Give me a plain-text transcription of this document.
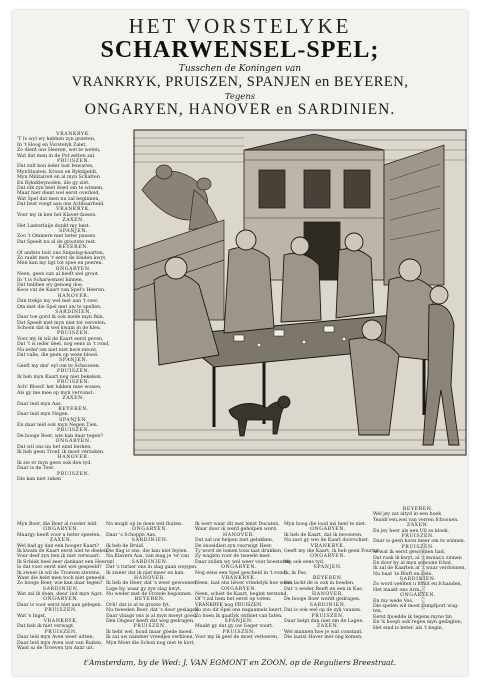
HET VORSTELYKE
SCHARWENSEL-SPEL;
Tusschen de Koningen van
VRANKRYK, PRUISZEN, SPANJEN en BEYEREN,
Tegens
ONGARYEN, HANOVER en SARDINIEN.
VRANKRYK.
'T Is wyl wy hebben zyn gezeten,
In 't Hoog en Vorstelyk Zalet,
Zo dient ons Heeren, wel te weten,
Wat dat men in de Pot zetten zal.
PRUISZEN.
Dat zult kon ieder lust bewaren,
MynStaaten, Kroon en Rykdgeldt,
Myn Militairen en al myn Schatten
En Rykskleynoden, die gy ziet.
Dat elk zyn best doed om te winnen,
Maar hier dient wel eerst overleid,
Wat Spel dat men nu zal beginnen,
Dat best voegt aan ons Achbaarheid.
VRANKRYK.
Voor my ik ken het Klaver-fassen.
ZAXEN.
Het Lanterluije dunkt my best.
SPANJEN.
Zoo 't Ommere niet beter passen
Dat Speelt nu al de grootste rest.
BEYEREN.
Of anders buit ons Snipslag-kaarten,
Zo raakt men 'r eerst de bladen kwyt,
Men kan my ligt tot spee en peeren.
ONGARYEN.
Neen, geen van al heeft wel groot.
In 't is Scharwenzel binnen,
Dat hebben wy genoeg doe,
Koos vat de Kaart van Spel's Heeren.
HANOVER.
Dan trekje my wel met aan 't roer,
Om met die Spel met aw te spellen.
SARDINIEN.
Daar toe gord ik ook mede myn fkin,
Dat Speelt met myn niet tot vervelen,
Schoon dat ik wel kwam in de kleu.
PRUISZEN.
Voor my ik wil de Kaart eerst geven,
Dat 't is ieder deel, nog eens in 't rond,
Nu ieder om niet niet here nieuw,
Dat valle, die geen op weze bloed.
SPANJEN.
Geeft my dez' eyl om te Scheuwen.
PRUISZEN.
Ik heb myn Kaart nog niet bekeken.
PRUISZEN.
Ach! Bloed! het lukken mee wonen,
Als gy me mee op myn vervonst.
ZAXEN.
Daar leid myn Aas.
BEYEREN.
Daar leid myn Negen.
SPANJEN.
En daar leid ook myn Negen Tien.
PRUISZEN.
De hooge Boer, wie kan daar tegen?
ONGARYEN.
Dat wil ons nu het eind berken,
Ik heb geen Troef, ik moet verzaken.
HANOVER.
Ik zie er myn geen ook den tyd.
Daar is de Toer.
PRUISZEN.
Die kan niet raken
Myn Boer, die Boer al roeder leid.
ONGARYEN.
Maargy heeft voor u beter speelen.
ZAXEN.
Wel had gy dan een hooger Kaart?
Ik kwam de Kaart eerst niet te deelen,
Voor deef zyn ben ik niet verwaart.
Ik Schiek heel zeer dankaar een Heeren!
Is dat voor eerst niet wel gespeeld?
Ik zweer ik wil de Troeven stevens,
Want die hebt men toch niet geneeld.
Zo hooge Boer, wie kan daar tegen?
SARDINIEN.
Wat zal ik doen, deez' leit myn Agst.
ONGARYEN.
Daar is voor eerst niet aan gelegen.
PRUISZEN.
Wat 's Ingst.
VRANKRYK.
Dat heb ik niet verwagt.
PRUISZEN.
Daar leid myn Aven weer uitten,
Daar leid myn Aven wat van Ruiten,
Want ui de Troeven tyn daar uit.
Na mogit op te doen wel fluiten.
ONGARYEN.
Daar 's Schoppe Aas.
SARDINIEN.
Ik heb de Bruid.
Die flag is ons, die kan niet feylen.
Na Klavers Aas, van mag je 'er van
SARDINIEN.
Dat 's turner ons in slag gaan weygen.
Ik zweer dat ik niet meer en kan.
HANOVER.
Ik heb de Heer, dat 's weer gewonnen,
Lage hy, waar gy zyn slag kwyt.
Nu weder met de Fronde begonnen.
BEYEREN.
Och! dat is al te groote fyt,
Nu tweeden Boer, dat 's door geslagen.
Daar vlaags ons is al myn moeyt goed,
Den Ongeor heeft dat weg gedragen.
PRUISZEN.
Ik hebt wel, houd maar goede moed.
Ik zal uw nammer vreedjes verbloen,
Myn Moet die Schon nog niet te kort,
Ik wert waar dit met lenst Ducaten,
Waar door ik werd geholpen word.
HANOVER.
Dat zal uw helpen niet gelukken,
De snoeldien zyn voorwigt Heer.
Ty word de lomen tous laat drukken,
Zy wagten voor de tweede keer.
Daar zullen wy wel weer voor koesteren,
ONGARYEN.
Nog eens een Spel gescheld in 't rond,
VRANKRYK.
Neen, laat ons liever vrindelyk hoe ween,
ONGARYEN.
Neen, schiet de Kaart, begint terstond,
Of 't zal hem het eerst op voten.
VRANKRYK nog PRUISZEN.
Zo zou dit Spel ons nagaamels keert,
Zo hoen ik gaatlyk onthiet van Iaten.
SPANJEN.
Maakt gy dat gy uw Geger voort.
PRUISZEN.
Voor my ik geef de moet verloeren,
Myn hoog die lood ins heel te niet.
ONGARYEN.
Ik heb de Kaart, dat ik bevoeren.
Na zact gy wie de Kaart doorschiet.
VRANKRYK.
Geeft my die Kaart, ik heb geen Fourtur,
ONGARYEN.
My ook eens tyd.
SPANJEN.
Ik, ik Pas.
BEYEREN.
Die tackt de is ook in boeden.
Dat 's weder Reeft en een in Kas.
HANOVER.
De hooge Boer wordt gedragen.
SARDINIEN.
Dat is ook wel op de zyk vauxen.
PRUISZEN.
Daar helpt dan niet om de Lagen.
ZAXEN.
Wel mannen hoe je wat constant,
Die laatst Haver met ong komen.
BEYEREN.
Wel jey zat altyd in een hoek
Tealdi'ven,wel van verren fchoouen.
ZAXEN.
En jey heer als een Uil so kloek.
PRUISZEN.
Daar is geen hoon meer om te winnen.
PRUISZEN.
Al wat ik eerst gewonnen had,
Dat raak ik kwyt, al 't dwaas's zinnen
En door by al myn schoone fchat,
Ik zal de Kaarten af 't waar verdonnen,
Nu baat 'ie Bluft en Zele.
SARDINIEN.
Zo word veelten u fchiit en fchanden,
Het maakt ons Arm.
ONGARYEN.
En my wede Vos.
Die spelen wil moet zampfport wag-
ten,
Eerst fpoedde ik tegens myne tin
En 'k hoopt ook regen myn gedagten,
Het eind is beter, als 't begin.
t'Amsterdam, by de Wed: J. VAN EGMONT en ZOON, op de Reguliers Breestraat.
www.Battlebooks.com
